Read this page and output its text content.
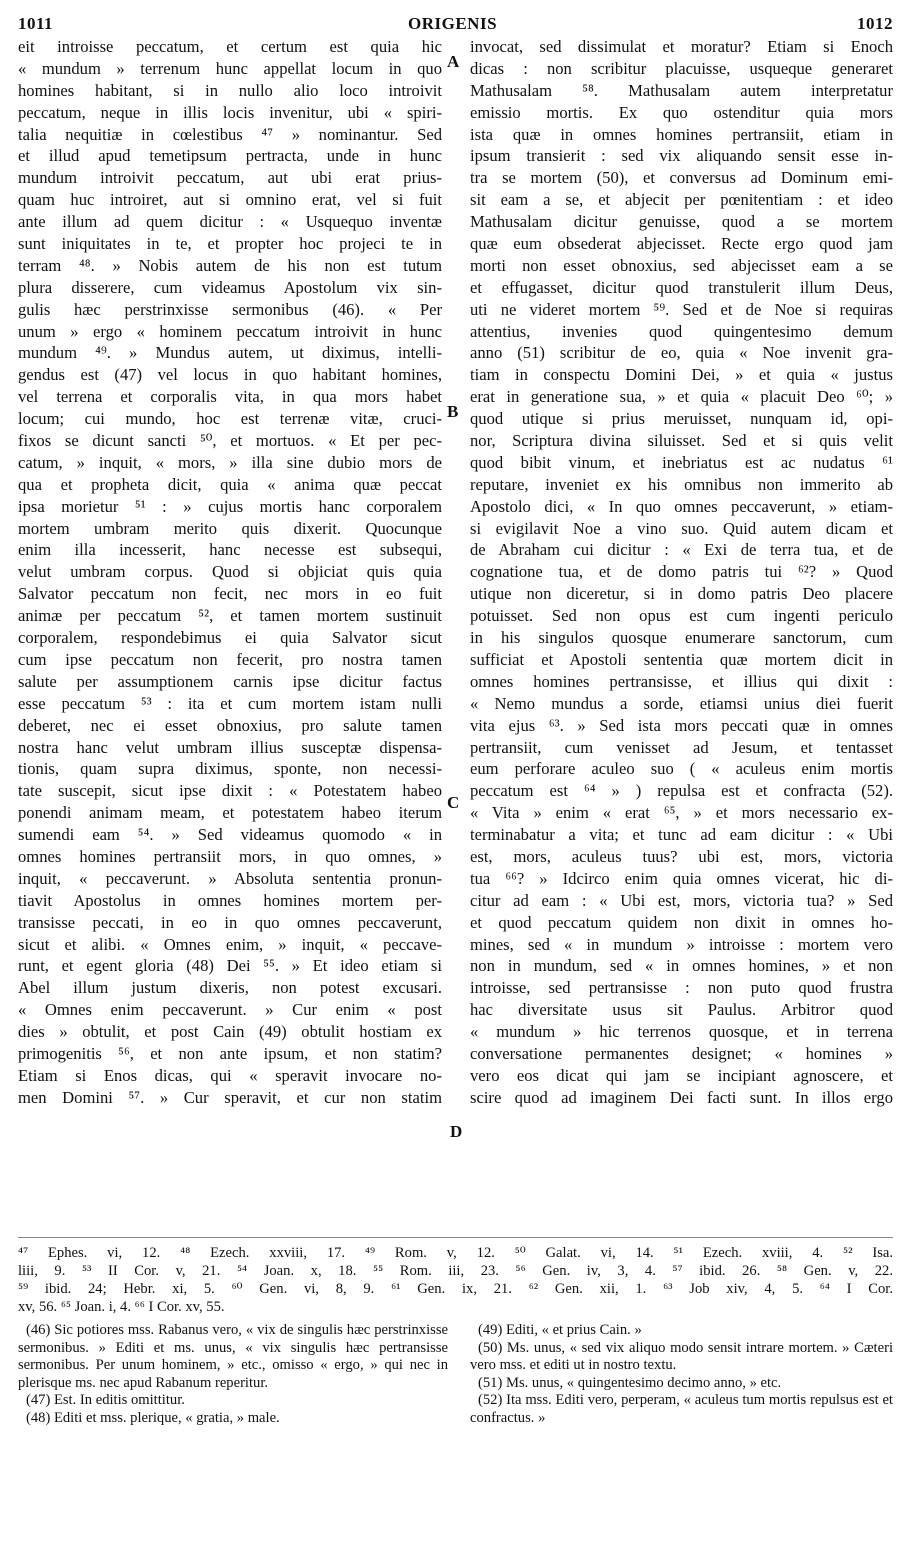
1011	ORIGENIS	1012
A
B
C
D
eit introisse peccatum, et certum est quia hic
« mundum » terrenum hunc appellat locum in quo
homines habitant, si in nullo alio loco introivit
peccatum, neque in illis locis invenitur, ubi « spiri-
talia nequitiæ in cœlestibus ⁴⁷ » nominantur. Sed
et illud apud temetipsum pertracta, unde in hunc
mundum introivit peccatum, aut ubi erat prius-
quam huc introiret, aut si omnino erat, vel si fuit
ante illum ad quem dicitur : « Usquequo inventæ
sunt iniquitates in te, et propter hoc projeci te in
terram ⁴⁸. » Nobis autem de his non est tutum
plura disserere, cum videamus Apostolum vix sin-
gulis hæc perstrinxisse sermonibus (46). « Per
unum » ergo « hominem peccatum introivit in hunc
mundum ⁴⁹. » Mundus autem, ut diximus, intelli-
gendus est (47) vel locus in quo habitant homines,
vel terrena et corporalis vita, in qua mors habet
locum; cui mundo, hoc est terrenæ vitæ, cruci-
fixos se dicunt sancti ⁵⁰, et mortuos. « Et per pec-
catum, » inquit, « mors, » illa sine dubio mors de
qua et propheta dicit, quia « anima quæ peccat
ipsa morietur ⁵¹ : » cujus mortis hanc corporalem
mortem umbram merito quis dixerit. Quocunque
enim illa incesserit, hanc necesse est subsequi,
velut umbram corpus. Quod si objiciat quis quia
Salvator peccatum non fecit, nec mors in eo fuit
animæ per peccatum ⁵², et tamen mortem sustinuit
corporalem, respondebimus ei quia Salvator sicut
cum ipse peccatum non fecerit, pro nostra tamen
salute per assumptionem carnis ipse dicitur factus
esse peccatum ⁵³ : ita et cum mortem istam nulli
deberet, nec ei esset obnoxius, pro salute tamen
nostra hanc velut umbram illius susceptæ dispensa-
tionis, quam supra diximus, sponte, non necessi-
tate suscepit, sicut ipse dixit : « Potestatem habeo
ponendi animam meam, et potestatem habeo iterum
sumendi eam ⁵⁴. » Sed videamus quomodo « in
omnes homines pertransiit mors, in quo omnes, »
inquit, « peccaverunt. » Absoluta sententia pronun-
tiavit Apostolus in omnes homines mortem per-
transisse peccati, in eo in quo omnes peccaverunt,
sicut et alibi. « Omnes enim, » inquit, « peccave-
runt, et egent gloria (48) Dei ⁵⁵. » Et ideo etiam si
Abel illum justum dixeris, non potest excusari.
« Omnes enim peccaverunt. » Cur enim « post
dies » obtulit, et post Cain (49) obtulit hostiam ex
primogenitis ⁵⁶, et non ante ipsum, et non statim?
Etiam si Enos dicas, qui « speravit invocare no-
men Domini ⁵⁷. » Cur speravit, et cur non statim
invocat, sed dissimulat et moratur? Etiam si Enoch
dicas : non scribitur placuisse, usqueque generaret
Mathusalam ⁵⁸. Mathusalam autem interpretatur
emissio mortis. Ex quo ostenditur quia mors
ista quæ in omnes homines pertransiit, etiam in
ipsum transierit : sed vix aliquando sensit esse in-
tra se mortem (50), et conversus ad Dominum emi-
sit eam a se, et abjecit per pœnitentiam : et ideo
Mathusalam dicitur genuisse, quod a se mortem
quæ eum obsederat abjecisset. Recte ergo quod jam
morti non esset obnoxius, sed abjecisset eam a se
et effugasset, dicitur quod transtulerit illum Deus,
uti ne videret mortem ⁵⁹. Sed et de Noe si requiras
attentius, invenies quod quingentesimo demum
anno (51) scribitur de eo, quia « Noe invenit gra-
tiam in conspectu Domini Dei, » et quia « justus
erat in generatione sua, » et quia « placuit Deo ⁶⁰; »
quod utique si prius meruisset, nunquam id, opi-
nor, Scriptura divina siluisset. Sed et si quis velit
quod bibit vinum, et inebriatus est ac nudatus ⁶¹
reputare, inveniet ex his omnibus non immerito ab
Apostolo dici, « In quo omnes peccaverunt, » etiam-
si evigilavit Noe a vino suo. Quid autem dicam et
de Abraham cui dicitur : « Exi de terra tua, et de
cognatione tua, et de domo patris tui ⁶²? » Quod
utique non diceretur, si in domo patris Deo placere
potuisset. Sed non opus est cum ingenti periculo
in his singulos quosque enumerare sanctorum, cum
sufficiat et Apostoli sententia quæ mortem dicit in
omnes homines pertransisse, et illius qui dixit :
« Nemo mundus a sorde, etiamsi unius diei fuerit
vita ejus ⁶³. » Sed ista mors peccati quæ in omnes
pertransiit, cum venisset ad Jesum, et tentasset
eum perforare aculeo suo ( « aculeus enim mortis
peccatum est ⁶⁴ » ) repulsa est et confracta (52).
« Vita » enim « erat ⁶⁵, » et mors necessario ex-
terminabatur a vita; et tunc ad eam dicitur : « Ubi
est, mors, aculeus tuus? ubi est, mors, victoria
tua ⁶⁶? » Idcirco enim quia omnes vicerat, hic di-
citur ad eam : « Ubi est, mors, victoria tua? » Sed
et quod peccatum quidem non dixit in omnes ho-
mines, sed « in mundum » introisse : mortem vero
non in mundum, sed « in omnes homines, » et non
introisse, sed pertransisse : non puto quod frustra
hac diversitate usus sit Paulus. Arbitror quod
« mundum » hic terrenos quosque, et in terrena
conversatione permanentes designet; « homines »
vero eos dicat qui jam se incipiant agnoscere, et
scire quod ad imaginem Dei facti sunt. In illos ergo
⁴⁷ Ephes. vi, 12. ⁴⁸ Ezech. xxviii, 17. ⁴⁹ Rom. v, 12. ⁵⁰ Galat. vi, 14. ⁵¹ Ezech. xviii, 4. ⁵² Isa.
liii, 9. ⁵³ II Cor. v, 21. ⁵⁴ Joan. x, 18. ⁵⁵ Rom. iii, 23. ⁵⁶ Gen. iv, 3, 4. ⁵⁷ ibid. 26. ⁵⁸ Gen. v, 22.
⁵⁹ ibid. 24; Hebr. xi, 5. ⁶⁰ Gen. vi, 8, 9. ⁶¹ Gen. ix, 21. ⁶² Gen. xii, 1. ⁶³ Job xiv, 4, 5. ⁶⁴ I Cor.
xv, 56. ⁶⁵ Joan. i, 4. ⁶⁶ I Cor. xv, 55.

(46) Sic potiores mss. Rabanus vero, « vix de singulis hæc perstrinxisse sermonibus. » Editi et ms. unus, « vix singulis hæc pertransisse sermonibus. Per unum hominem, » etc., omisso « ergo, » qui nec in plerisque ms. nec apud Rabanum reperitur.

(47) Est. In editis omittitur.

(48) Editi et mss. plerique, « gratia, » male.

(49) Editi, « et prius Cain. »

(50) Ms. unus, « sed vix aliquo modo sensit intrare mortem. » Cæteri vero mss. et editi ut in nostro textu.

(51) Ms. unus, « quingentesimo decimo anno, » etc.

(52) Ita mss. Editi vero, perperam, « aculeus tum mortis repulsus est et confractus. »
